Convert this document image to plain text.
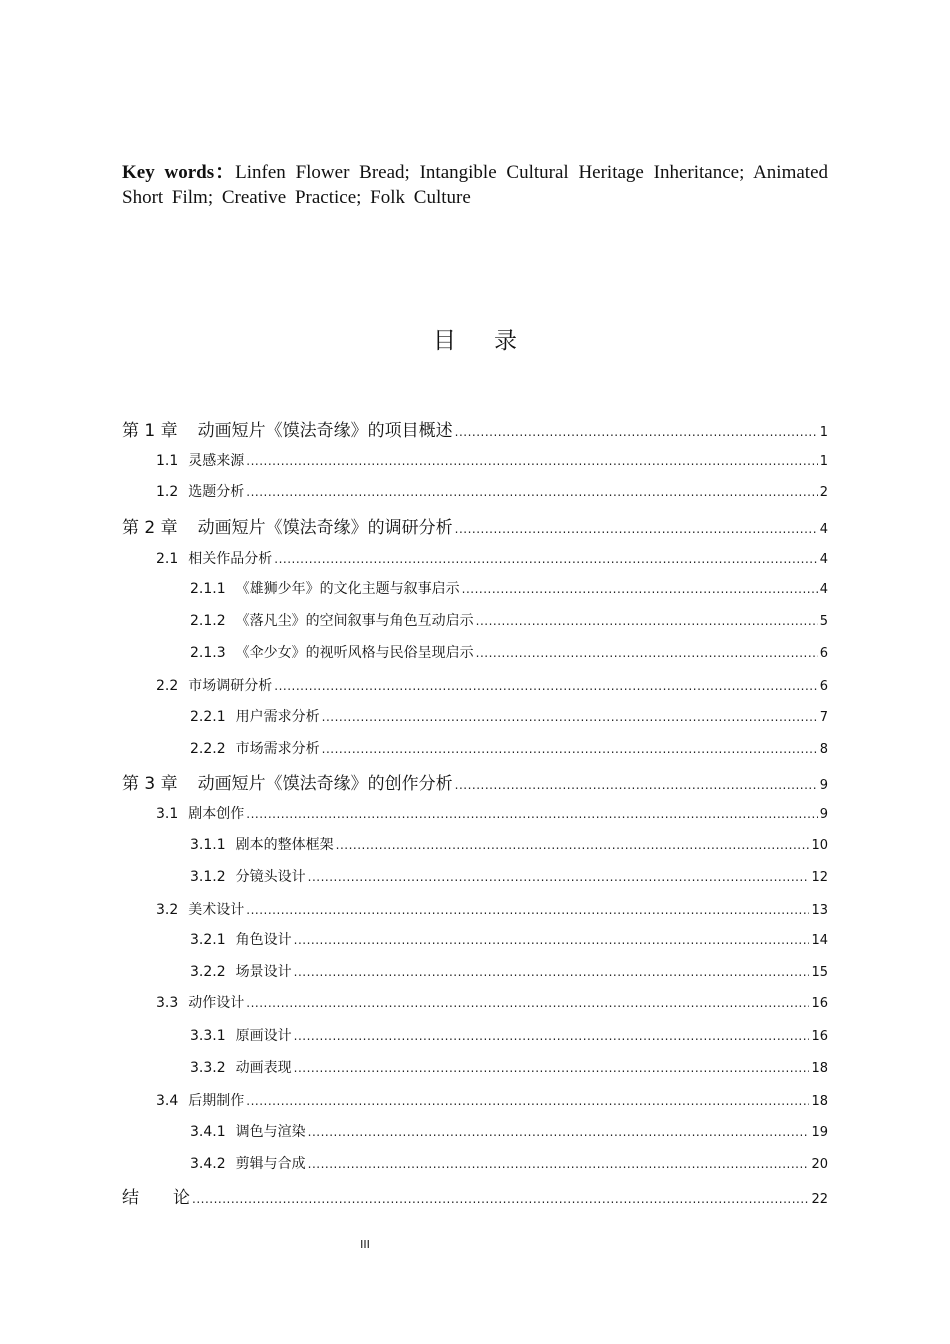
Key words：Linfen Flower Bread; Intangible Cultural Heritage Inheritance; Animated Short Film; Creative Practice; Folk Culture
目录
第 1 章 动画短片《馍法奇缘》的项目概述 .....	1
1.1 灵感来源 .....	1
1.2 选题分析 .....	2
第 2 章 动画短片《馍法奇缘》的调研分析 .....	4
2.1 相关作品分析 .....	4
2.1.1 《雄狮少年》的文化主题与叙事启示 .....	4
2.1.2 《落凡尘》的空间叙事与角色互动启示 .....	5
2.1.3 《伞少女》的视听风格与民俗呈现启示 .....	6
2.2 市场调研分析 .....	6
2.2.1 用户需求分析 .....	7
2.2.2 市场需求分析 .....	8
第 3 章 动画短片《馍法奇缘》的创作分析 .....	9
3.1 剧本创作 .....	9
3.1.1 剧本的整体框架 .....	10
3.1.2 分镜头设计 .....	12
3.2 美术设计 .....	13
3.2.1 角色设计 .....	14
3.2.2 场景设计 .....	15
3.3 动作设计 .....	16
3.3.1 原画设计 .....	16
3.3.2 动画表现 .....	18
3.4 后期制作 .....	18
3.4.1 调色与渲染 .....	19
3.4.2 剪辑与合成 .....	20
结论 .....	22
III
